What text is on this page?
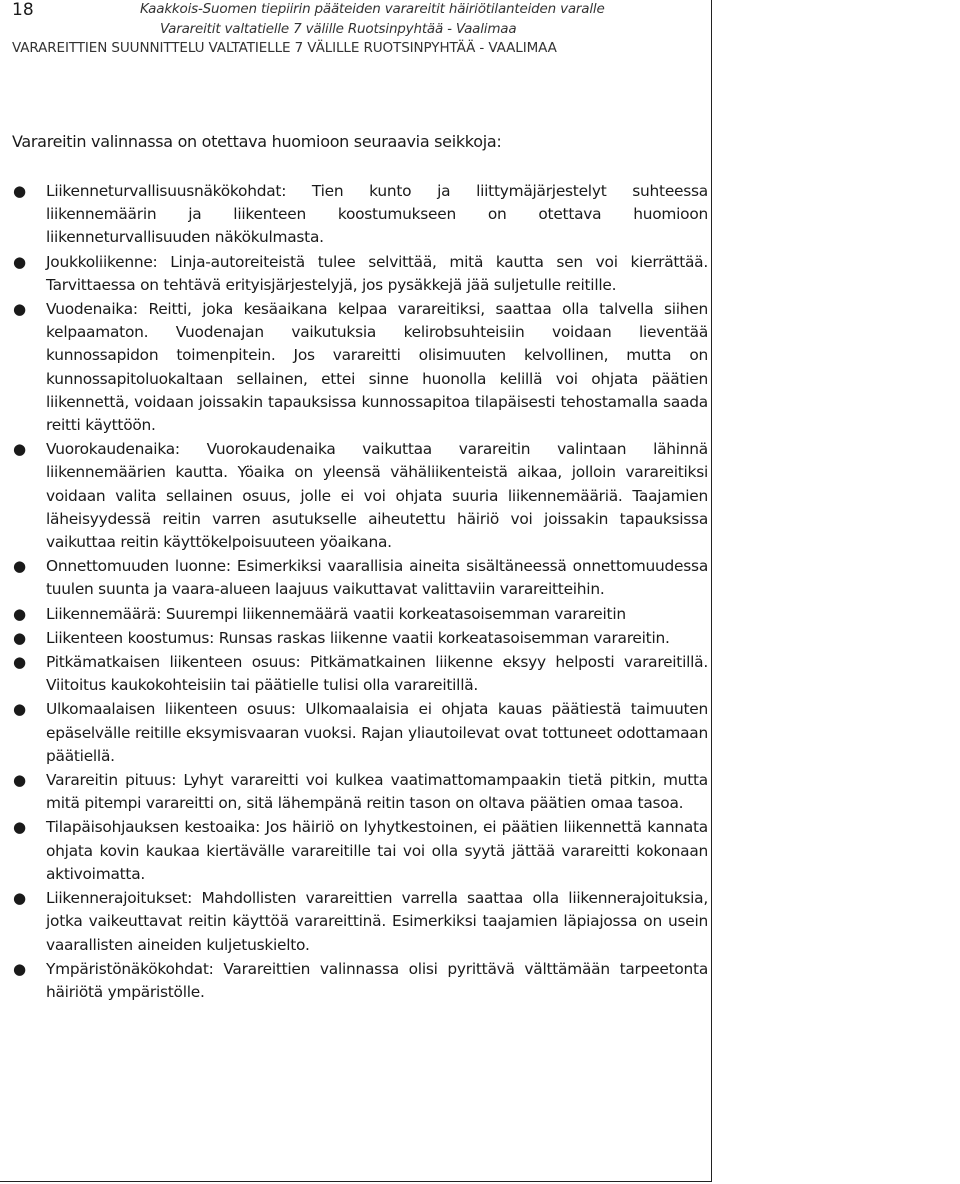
18	Kaakkois-Suomen tiepiirin pääteiden varareitit häiriötilanteiden varalle
Varareitit valtatielle 7 välille Ruotsinpyhtää - Vaalimaa
VARAREITTIEN SUUNNITTELU VALTATIELLE 7 VÄLILLE RUOTSINPYHTÄÄ - VAALIMAA
Varareitin valinnassa on otettava huomioon seuraavia seikkoja:
● Liikenneturvallisuusnäkökohdat: Tien kunto ja liittymäjärjestelyt suhteessa liikennemäärin ja liikenteen koostumukseen on otettava huomioon liikenneturvallisuuden näkökulmasta.
● Joukkoliikenne: Linja-autoreiteistä tulee selvittää, mitä kautta sen voi kierrättää. Tarvittaessa on tehtävä erityisjärjestelyjä, jos pysäkkejä jää suljetulle reitille.
● Vuodenaika: Reitti, joka kesäaikana kelpaa varareitiksi, saattaa olla talvella siihen kelpaamaton. Vuodenajan vaikutuksia kelirobsuhteisiin voidaan lieventää kunnossapidon toimenpitein. Jos varareitti olisimuuten kelvollinen, mutta on kunnossapitoluokaltaan sellainen, ettei sinne huonolla kelillä voi ohjata päätien liikennettä, voidaan joissakin tapauksissa kunnossapitoa tilapäisesti tehostamalla saada reitti käyttöön.
● Vuorokaudenaika: Vuorokaudenaika vaikuttaa varareitin valintaan lähinnä liikennemäärien kautta. Yöaika on yleensä vähäliikenteistä aikaa, jolloin varareitiksi voidaan valita sellainen osuus, jolle ei voi ohjata suuria liikennemääriä. Taajamien läheisyydessä reitin varren asutukselle aiheutettu häiriö voi joissakin tapauksissa vaikuttaa reitin käyttökelpoisuuteen yöaikana.
● Onnettomuuden luonne: Esimerkiksi vaarallisia aineita sisältäneessä onnettomuudessa tuulen suunta ja vaara-alueen laajuus vaikuttavat valittaviin varareitteihin.
● Liikennemäärä: Suurempi liikennemäärä vaatii korkeatasoisemman varareitin
● Liikenteen koostumus: Runsas raskas liikenne vaatii korkeatasoisemman varareitin.
● Pitkämatkaisen liikenteen osuus: Pitkämatkainen liikenne eksyy helposti varareitillä. Viitoitus kaukokohteisiin tai päätielle tulisi olla varareitillä.
● Ulkomaalaisen liikenteen osuus: Ulkomaalaisia ei ohjata kauas päätiestä taimuuten epäselvälle reitille eksymisvaaran vuoksi. Rajan yliautoilevat ovat tottuneet odottamaan päätiellä.
● Varareitin pituus: Lyhyt varareitti voi kulkea vaatimattomampaakin tietä pitkin, mutta mitä pitempi varareitti on, sitä lähempänä reitin tason on oltava päätien omaa tasoa.
● Tilapäisohjauksen kestoaika: Jos häiriö on lyhytkestoinen, ei päätien liikennettä kannata ohjata kovin kaukaa kiertävälle varareitille tai voi olla syytä jättää varareitti kokonaan aktivoimatta.
● Liikennerajoitukset: Mahdollisten varareittien varrella saattaa olla liikennerajoituksia, jotka vaikeuttavat reitin käyttöä varareittinä. Esimerkiksi taajamien läpiajossa on usein vaarallisten aineiden kuljetuskielto.
● Ympäristönäkökohdat: Varareittien valinnassa olisi pyrittävä välttämään tarpeetonta häiriötä ympäristölle.
